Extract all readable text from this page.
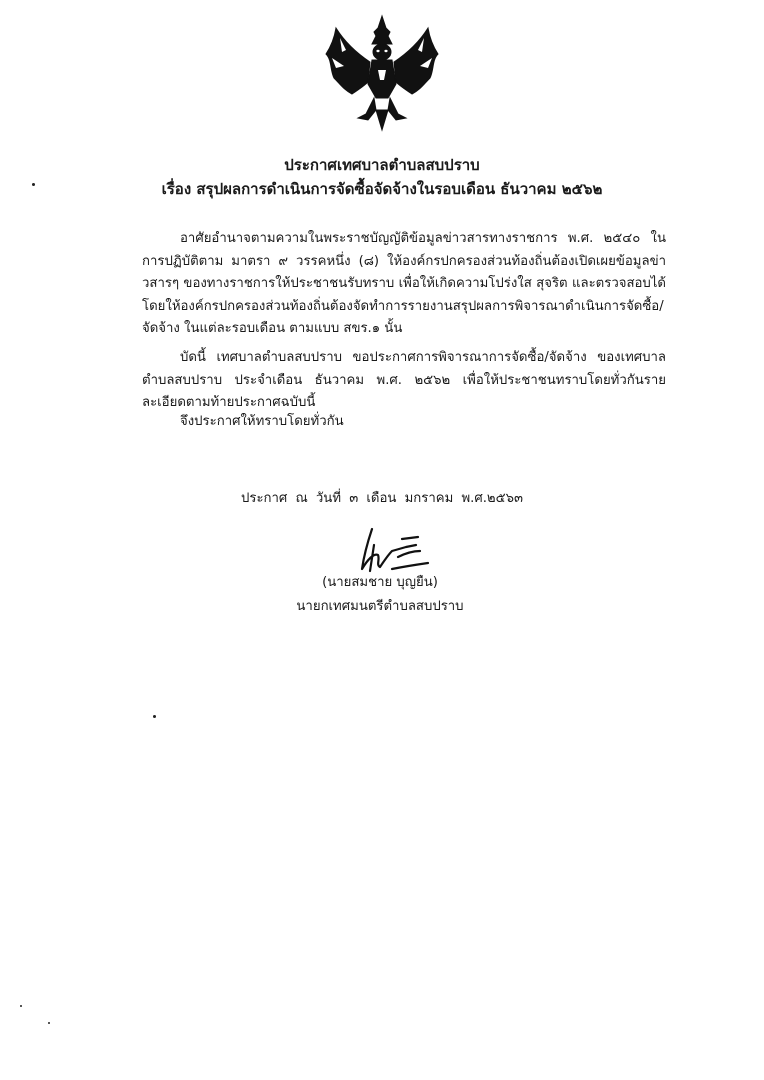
ประกาศเทศบาลตำบลสบปราบ
เรื่อง สรุปผลการดำเนินการจัดซื้อจัดจ้างในรอบเดือน ธันวาคม ๒๕๖๒
อาศัยอำนาจตามความในพระราชบัญญัติข้อมูลข่าวสารทางราชการ พ.ศ. ๒๕๔๐ ในการปฏิบัติตาม มาตรา ๙ วรรคหนึ่ง (๘) ให้องค์กรปกครองส่วนท้องถิ่นต้องเปิดเผยข้อมูลข่าวสารๆ ของทางราชการให้ประชาชนรับทราบ เพื่อให้เกิดความโปร่งใส สุจริต และตรวจสอบได้ โดยให้องค์กรปกครองส่วนท้องถิ่นต้องจัดทำการรายงานสรุปผลการพิจารณาดำเนินการจัดซื้อ/จัดจ้าง ในแต่ละรอบเดือน ตามแบบ สขร.๑ นั้น
บัดนี้ เทศบาลตำบลสบปราบ ขอประกาศการพิจารณาการจัดซื้อ/จัดจ้าง ของเทศบาลตำบลสบปราบ ประจำเดือน ธันวาคม พ.ศ. ๒๕๖๒ เพื่อให้ประชาชนทราบโดยทั่วกันรายละเอียดตามท้ายประกาศฉบับนี้
จึงประกาศให้ทราบโดยทั่วกัน
ประกาศ ณ วันที่ ๓ เดือน มกราคม พ.ศ.๒๕๖๓
(นายสมชาย บุญยืน)
นายกเทศมนตรีตำบลสบปราบ
